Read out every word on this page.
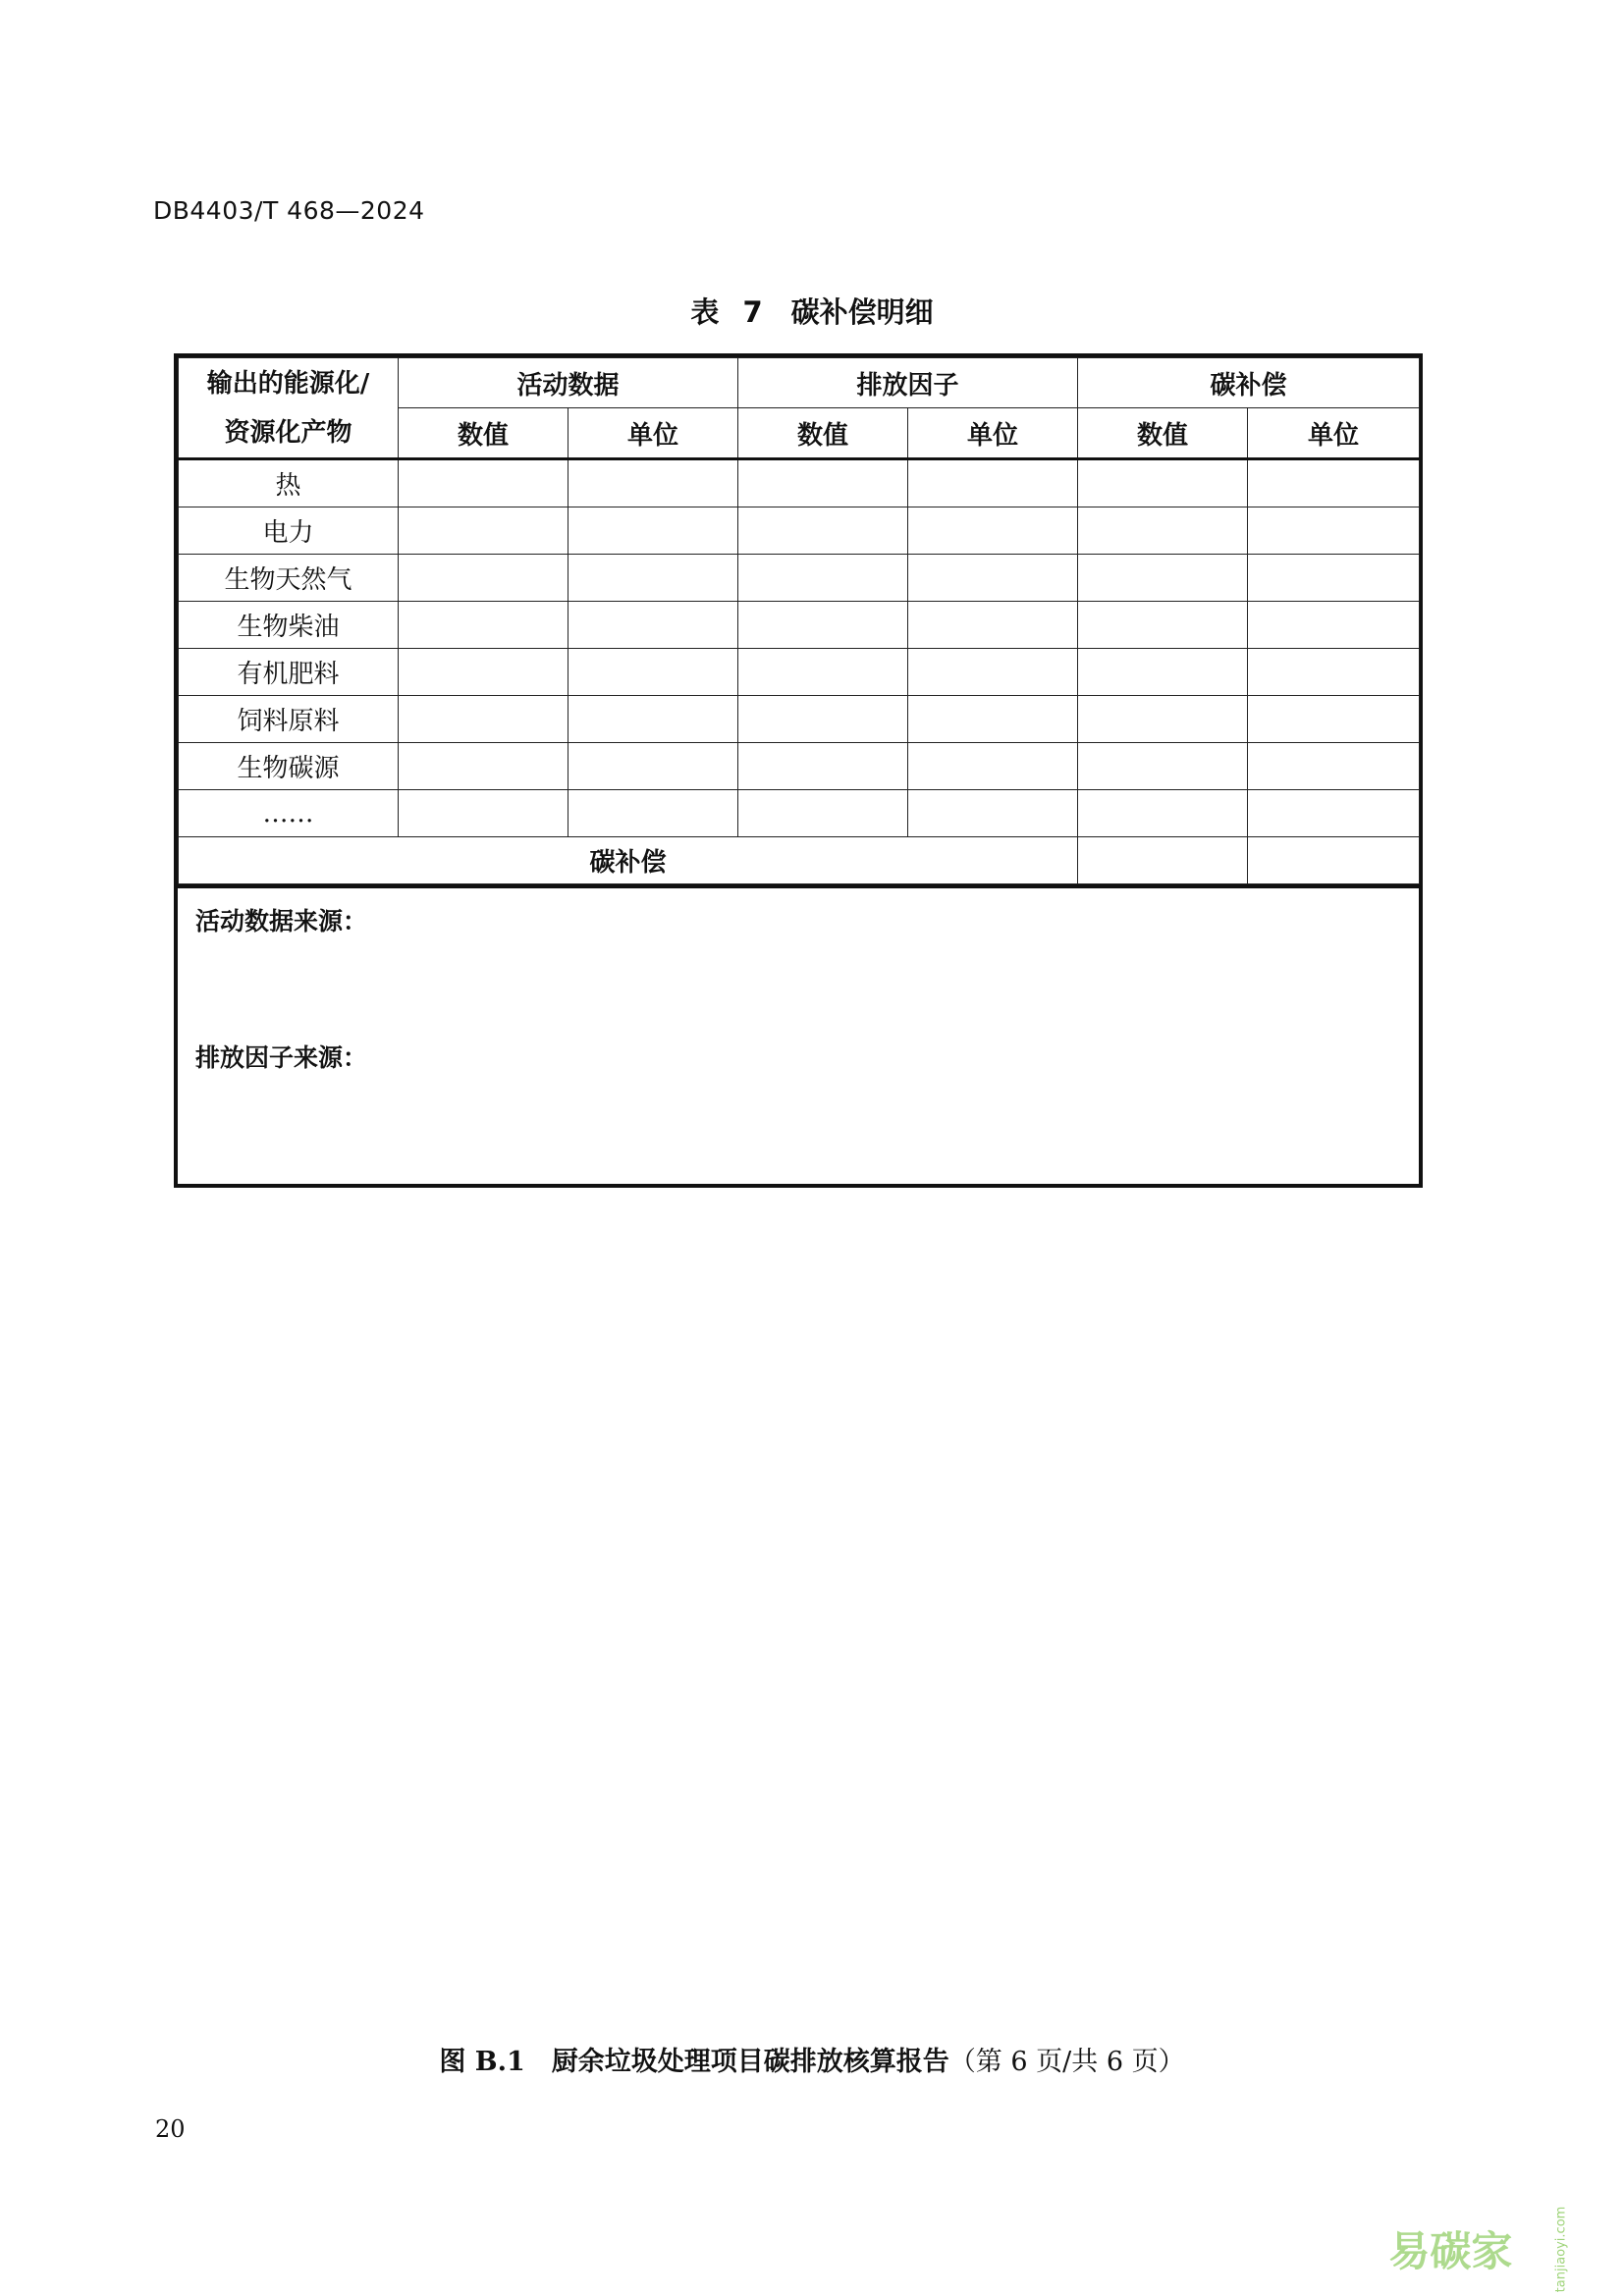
DB4403/T 468—2024
表 7　碳补偿明细
输出的能源化/
资源化产物	活动数据		排放因子		碳补偿	
	数值	单位	数值	单位	数值	单位
热						
电力						
生物天然气						
生物柴油						
有机肥料						
饲料原料						
生物碳源						
……						
碳补偿						
活动数据来源：
排放因子来源：
图 B.1　厨余垃圾处理项目碳排放核算报告（第 6 页/共 6 页）
20
易碳家	tanjiaoyi.com
